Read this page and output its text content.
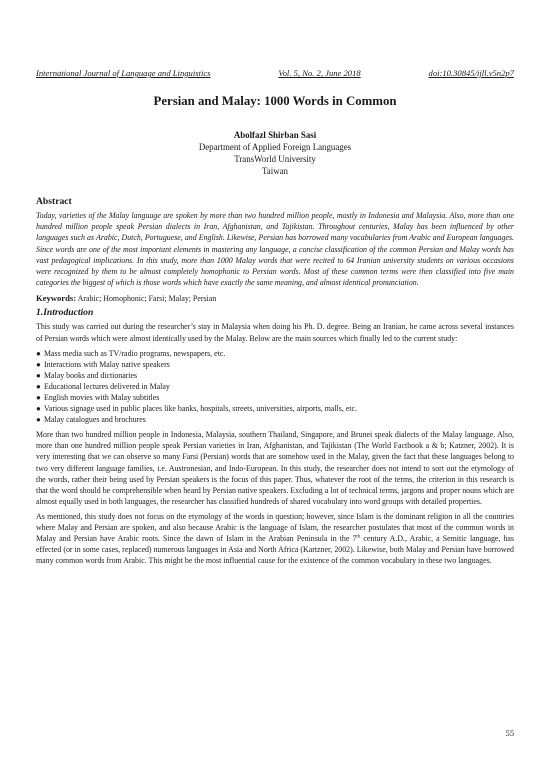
International Journal of Language and Linguistics	Vol. 5, No. 2, June 2018	doi:10.30845/ijll.v5n2p7
Persian and Malay: 1000 Words in Common
Abolfazl Shirban Sasi
Department of Applied Foreign Languages
TransWorld University
Taiwan
Abstract

Today, varieties of the Malay language are spoken by more than two hundred million people, mostly in Indonesia and Malaysia. Also, more than one hundred million people speak Persian dialects in Iran, Afghanistan, and Tajikistan. Throughout centuries, Malay has been influenced by other languages such as Arabic, Dutch, Portuguese, and English. Likewise, Persian has borrowed many vocabularies from Arabic and European languages. Since words are one of the most important elements in mastering any language, a concise classification of the common Persian and Malay words has vast pedagogical implications. In this study, more than 1000 Malay words that were recited to 64 Iranian university students on various occasions were recognized by them to be almost completely homophonic to Persian words. Most of these common terms were then classified into five main categories the biggest of which is those words which have exactly the same meaning, and almost identical pronunciation.

Keywords: Arabic; Homophonic; Farsi; Malay; Persian

1.Introduction

This study was carried out during the researcher’s stay in Malaysia when doing his Ph. D. degree. Being an Iranian, he came across several instances of Persian words which were almost identically used by the Malay. Below are the main sources which finally led to the current study:

● Mass media such as TV/radio programs, newspapers, etc.
● Interactions with Malay native speakers
● Malay books and dictionaries
● Educational lectures delivered in Malay
● English movies with Malay subtitles
● Various signage used in public places like banks, hospitals, streets, universities, airports, malls, etc.
● Malay catalogues and brochures

More than two hundred million people in Indonesia, Malaysia, southern Thailand, Singapore, and Brunei speak dialects of the Malay language. Also, more than one hundred million people speak Persian varieties in Iran, Afghanistan, and Tajikistan (The World Factbook a & b; Katzner, 2002). It is very interesting that we can observe so many Farsi (Persian) words that are somehow used in the Malay, given the fact that these languages belong to two very different language families, i.e. Austronesian, and Indo-European. In this study, the researcher does not intend to sort out the etymology of the words, rather their being used by Persian speakers is the focus of this paper. Thus, whatever the root of the terms, the criterion in this research is that the word should be comprehensible when heard by Persian native speakers. Excluding a lot of technical terms, jargons and proper nouns which are almost equally used in both languages, the researcher has classified hundreds of shared vocabulary into word groups with detailed properties.

As mentioned, this study does not focus on the etymology of the words in question; however, since Islam is the dominant religion in all the countries where Malay and Persian are spoken, and also because Arabic is the language of Islam, the researcher postulates that most of the common words in Malay and Persian have Arabic roots. Since the dawn of Islam in the Arabian Peninsula in the 7th century A.D., Arabic, a Semitic language, has effected (or in some cases, replaced) numerous languages in Asia and North Africa (Kartzner, 2002). Likewise, both Malay and Persian have borrowed many common words from Arabic. This might be the most influential cause for the existence of the common vocabulary in these two languages.

55
